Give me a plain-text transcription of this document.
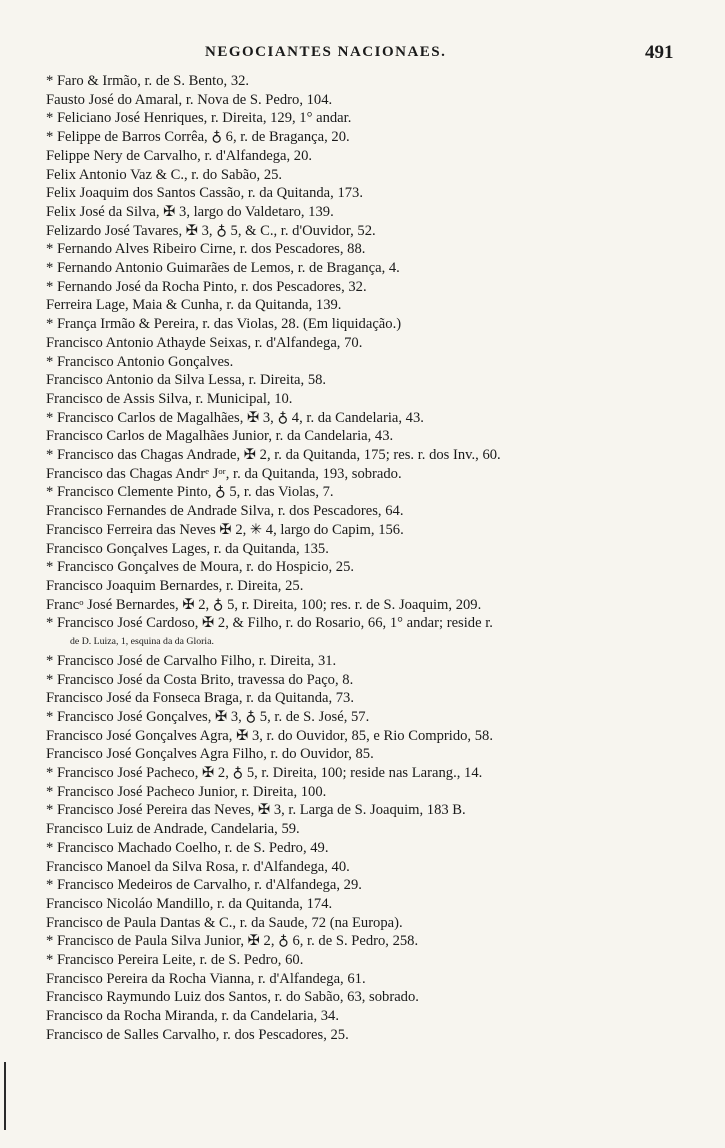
NEGOCIANTES NACIONAES.	491
* Faro & Irmão, r. de S. Bento, 32.
Fausto José do Amaral, r. Nova de S. Pedro, 104.
* Feliciano José Henriques, r. Direita, 129, 1° andar.
* Felippe de Barros Corrêa, ♁ 6, r. de Bragança, 20.
Felippe Nery de Carvalho, r. d'Alfandega, 20.
Felix Antonio Vaz & C., r. do Sabão, 25.
Felix Joaquim dos Santos Cassão, r. da Quitanda, 173.
Felix José da Silva, ✠ 3, largo do Valdetaro, 139.
Felizardo José Tavares, ✠ 3, ♁ 5, & C., r. d'Ouvidor, 52.
* Fernando Alves Ribeiro Cirne, r. dos Pescadores, 88.
* Fernando Antonio Guimarães de Lemos, r. de Bragança, 4.
* Fernando José da Rocha Pinto, r. dos Pescadores, 32.
Ferreira Lage, Maia & Cunha, r. da Quitanda, 139.
* França Irmão & Pereira, r. das Violas, 28. (Em liquidação.)
Francisco Antonio Athayde Seixas, r. d'Alfandega, 70.
* Francisco Antonio Gonçalves.
Francisco Antonio da Silva Lessa, r. Direita, 58.
Francisco de Assis Silva, r. Municipal, 10.
* Francisco Carlos de Magalhães, ✠ 3, ♁ 4, r. da Candelaria, 43.
Francisco Carlos de Magalhães Junior, r. da Candelaria, 43.
* Francisco das Chagas Andrade, ✠ 2, r. da Quitanda, 175; res. r. dos Inv., 60.
Francisco das Chagas Andrᵉ Jᵒʳ, r. da Quitanda, 193, sobrado.
* Francisco Clemente Pinto, ♁ 5, r. das Violas, 7.
Francisco Fernandes de Andrade Silva, r. dos Pescadores, 64.
Francisco Ferreira das Neves ✠ 2, ✳ 4, largo do Capim, 156.
Francisco Gonçalves Lages, r. da Quitanda, 135.
* Francisco Gonçalves de Moura, r. do Hospicio, 25.
Francisco Joaquim Bernardes, r. Direita, 25.
Francᵒ José Bernardes, ✠ 2, ♁ 5, r. Direita, 100; res. r. de S. Joaquim, 209.
* Francisco José Cardoso, ✠ 2, & Filho, r. do Rosario, 66, 1° andar; reside r.
de D. Luiza, 1, esquina da da Gloria.
* Francisco José de Carvalho Filho, r. Direita, 31.
* Francisco José da Costa Brito, travessa do Paço, 8.
Francisco José da Fonseca Braga, r. da Quitanda, 73.
* Francisco José Gonçalves, ✠ 3, ♁ 5, r. de S. José, 57.
Francisco José Gonçalves Agra, ✠ 3, r. do Ouvidor, 85, e Rio Comprido, 58.
Francisco José Gonçalves Agra Filho, r. do Ouvidor, 85.
* Francisco José Pacheco, ✠ 2, ♁ 5, r. Direita, 100; reside nas Larang., 14.
* Francisco José Pacheco Junior, r. Direita, 100.
* Francisco José Pereira das Neves, ✠ 3, r. Larga de S. Joaquim, 183 B.
Francisco Luiz de Andrade, Candelaria, 59.
* Francisco Machado Coelho, r. de S. Pedro, 49.
Francisco Manoel da Silva Rosa, r. d'Alfandega, 40.
* Francisco Medeiros de Carvalho, r. d'Alfandega, 29.
Francisco Nicoláo Mandillo, r. da Quitanda, 174.
Francisco de Paula Dantas & C., r. da Saude, 72 (na Europa).
* Francisco de Paula Silva Junior, ✠ 2, ♁ 6, r. de S. Pedro, 258.
* Francisco Pereira Leite, r. de S. Pedro, 60.
Francisco Pereira da Rocha Vianna, r. d'Alfandega, 61.
Francisco Raymundo Luiz dos Santos, r. do Sabão, 63, sobrado.
Francisco da Rocha Miranda, r. da Candelaria, 34.
Francisco de Salles Carvalho, r. dos Pescadores, 25.
